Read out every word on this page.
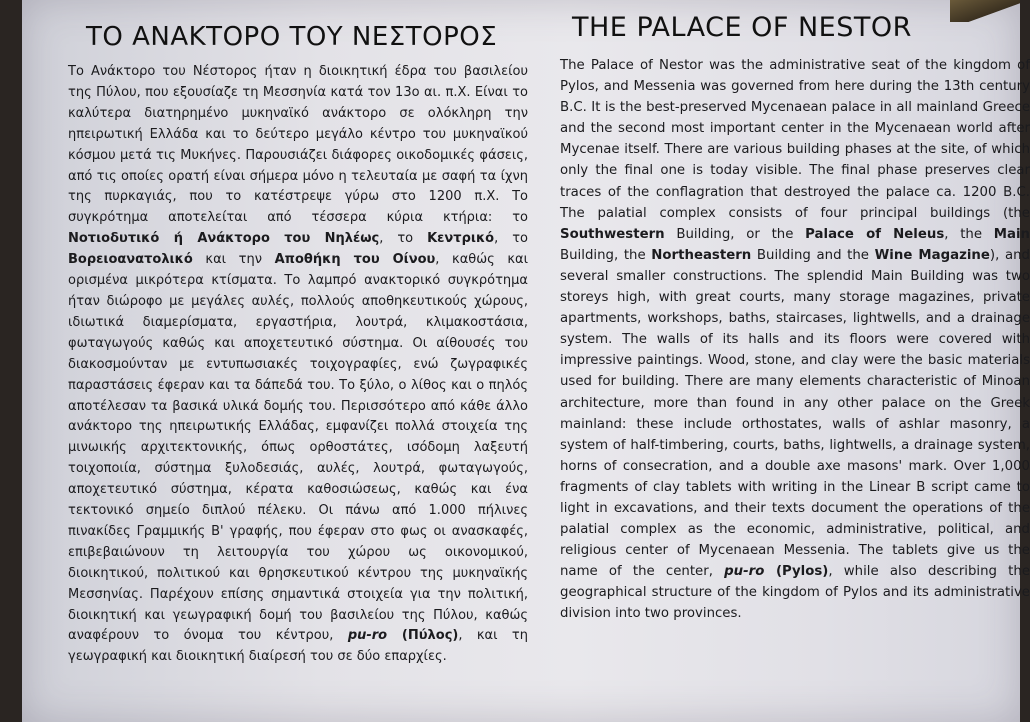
ΤΟ ΑΝΑΚΤΟΡΟ ΤΟΥ ΝΕΣΤΟΡΟΣ

Το Ανάκτορο του Νέστορος ήταν η διοικητική έδρα του βασιλείου της Πύλου, που εξουσίαζε τη Μεσσηνία κατά τον 13ο αι. π.Χ. Είναι το καλύτερα διατηρημένο μυκηναϊκό ανάκτορο σε ολόκληρη την ηπειρωτική Ελλάδα και το δεύτερο μεγάλο κέντρο του μυκηναϊκού κόσμου μετά τις Μυκήνες. Παρουσιάζει διάφορες οικοδομικές φάσεις, από τις οποίες ορατή είναι σήμερα μόνο η τελευταία με σαφή τα ίχνη της πυρκαγιάς, που το κατέστρεψε γύρω στο 1200 π.Χ. Το συγκρότημα αποτελείται από τέσσερα κύρια κτήρια: το Νοτιοδυτικό ή Ανάκτορο του Νηλέως, το Κεντρικό, το Βορειοανατολικό και την Αποθήκη του Οίνου, καθώς και ορισμένα μικρότερα κτίσματα. Το λαμπρό ανακτορικό συγκρότημα ήταν διώροφο με μεγάλες αυλές, πολλούς αποθηκευτικούς χώρους, ιδιωτικά διαμερίσματα, εργαστήρια, λουτρά, κλιμακοστάσια, φωταγωγούς καθώς και αποχετευτικό σύστημα. Οι αίθουσές του διακοσμούνταν με εντυπωσιακές τοιχογραφίες, ενώ ζωγραφικές παραστάσεις έφεραν και τα δάπεδά του. Το ξύλο, ο λίθος και ο πηλός αποτέλεσαν τα βασικά υλικά δομής του. Περισσότερο από κάθε άλλο ανάκτορο της ηπειρωτικής Ελλάδας, εμφανίζει πολλά στοιχεία της μινωικής αρχιτεκτονικής, όπως ορθοστάτες, ισόδομη λαξευτή τοιχοποιία, σύστημα ξυλοδεσιάς, αυλές, λουτρά, φωταγωγούς, αποχετευτικό σύστημα, κέρατα καθοσιώσεως, καθώς και ένα τεκτονικό σημείο διπλού πέλεκυ. Οι πάνω από 1.000 πήλινες πινακίδες Γραμμικής Β' γραφής, που έφεραν στο φως οι ανασκαφές, επιβεβαιώνουν τη λειτουργία του χώρου ως οικονομικού, διοικητικού, πολιτικού και θρησκευτικού κέντρου της μυκηναϊκής Μεσσηνίας. Παρέχουν επίσης σημαντικά στοιχεία για την πολιτική, διοικητική και γεωγραφική δομή του βασιλείου της Πύλου, καθώς αναφέρουν το όνομα του κέντρου, pu-ro (Πύλος), και τη γεωγραφική και διοικητική διαίρεσή του σε δύο επαρχίες.

THE PALACE OF NESTOR

The Palace of Nestor was the administrative seat of the kingdom of Pylos, and Messenia was governed from here during the 13th century B.C. It is the best-preserved Mycenaean palace in all mainland Greece and the second most important center in the Mycenaean world after Mycenae itself. There are various building phases at the site, of which only the final one is today visible. The final phase preserves clear traces of the conflagration that destroyed the palace ca. 1200 B.C. The palatial complex consists of four principal buildings (the Southwestern Building, or the Palace of Neleus, the Main Building, the Northeastern Building and the Wine Magazine), and several smaller constructions. The splendid Main Building was two storeys high, with great courts, many storage magazines, private apartments, workshops, baths, staircases, lightwells, and a drainage system. The walls of its halls and its floors were covered with impressive paintings. Wood, stone, and clay were the basic materials used for building. There are many elements characteristic of Minoan architecture, more than found in any other palace on the Greek mainland: these include orthostates, walls of ashlar masonry, a system of half-timbering, courts, baths, lightwells, a drainage system, horns of consecration, and a double axe masons' mark. Over 1,000 fragments of clay tablets with writing in the Linear B script came to light in excavations, and their texts document the operations of the palatial complex as the economic, administrative, political, and religious center of Mycenaean Messenia. The tablets give us the name of the center, pu-ro (Pylos), while also describing the geographical structure of the kingdom of Pylos and its administrative division into two provinces.
